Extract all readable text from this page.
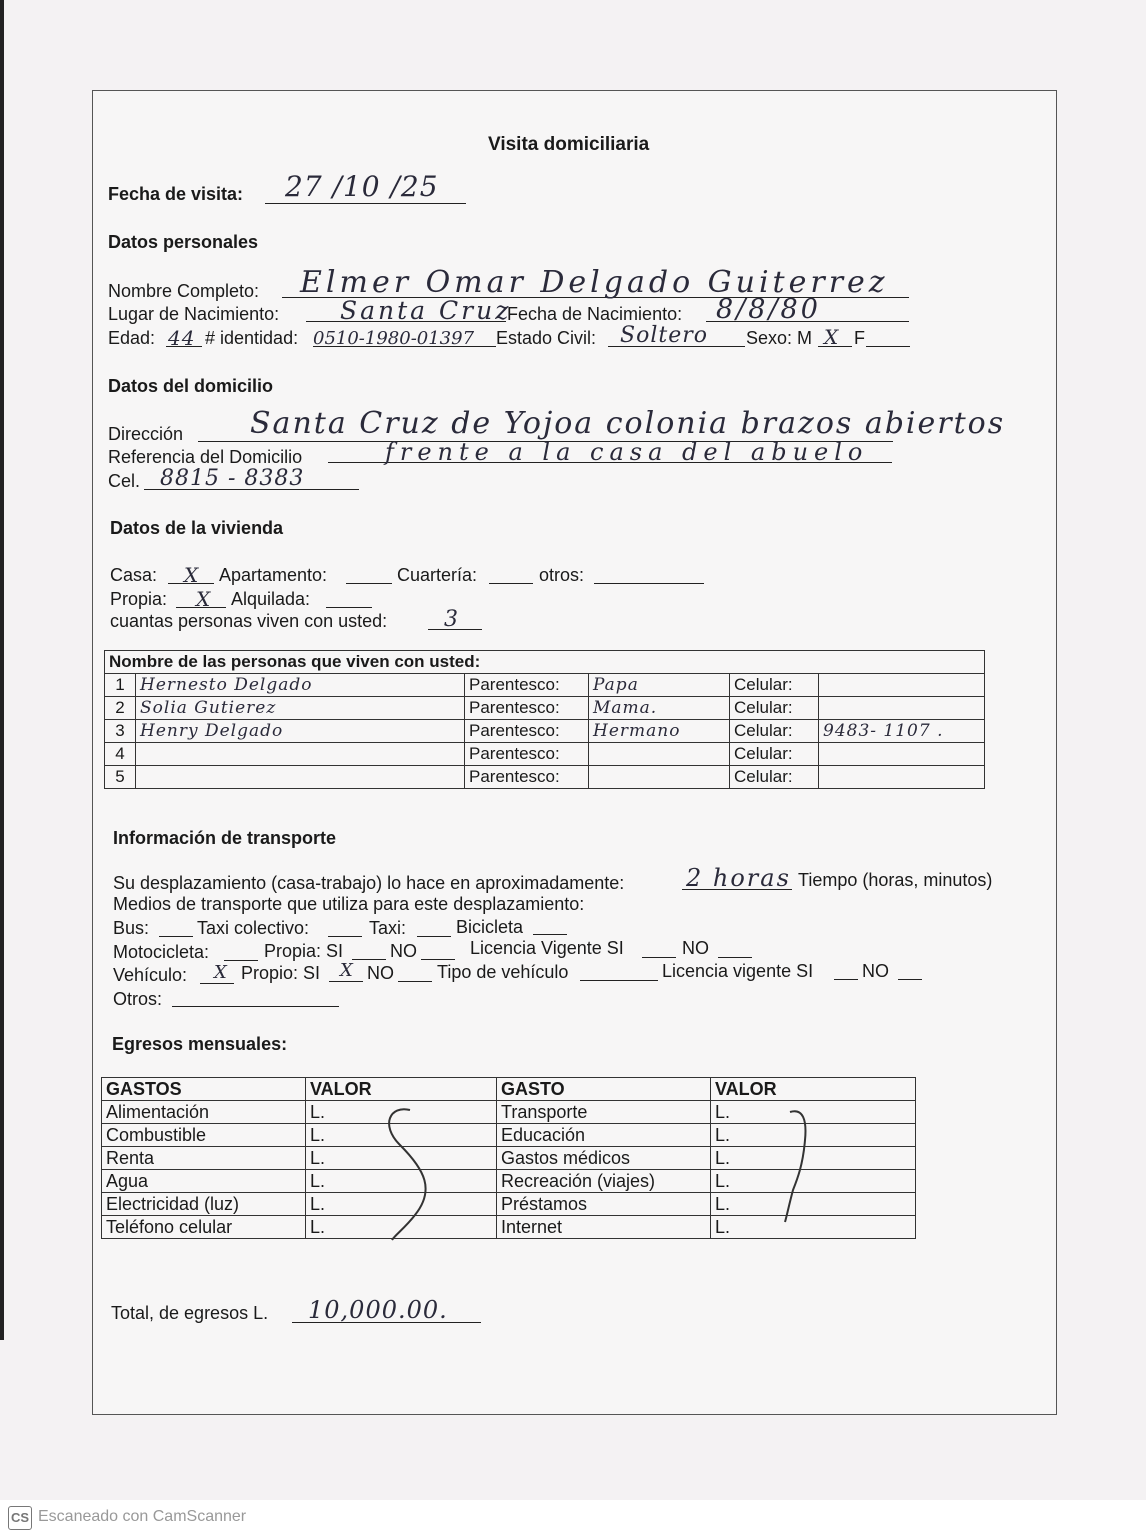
Visita domiciliaria
Fecha de visita: 27 /10 /25
Datos personales
Nombre Completo: Elmer Omar Delgado Guiterrez
Lugar de Nacimiento: Santa Cruz
Fecha de Nacimiento: 8/8/80
Edad: 44 # identidad: 0510-1980-01397 Estado Civil: Soltero Sexo: M X F
Datos del domicilio
Dirección Santa Cruz de Yojoa colonia brazos abiertos
Referencia del Domicilio	frente a la casa del abuelo
Cel. 8815 - 8383
Datos de la vivienda
Casa: X Apartamento:	Cuartería:	otros:
Propia: X Alquilada:
cuantas personas viven con usted:	3
Nombre de las personas que viven con usted:					
1	Hernesto Delgado	Parentesco:	Papa	Celular:	
2	Solia Gutierez	Parentesco:	Mama.	Celular:	
3	Henry Delgado	Parentesco:	Hermano	Celular:	9483- 1107 .
4		Parentesco:		Celular:	
5		Parentesco:		Celular:	
Información de transporte
Su desplazamiento (casa-trabajo) lo hace en aproximadamente:	2 horas Tiempo (horas, minutos)
Medios de transporte que utiliza para este desplazamiento:
Bus:	Taxi colectivo:	Taxi:	Bicicleta
Motocicleta:	Propia: SI	NO	Licencia Vigente SI	NO
Vehículo: X Propio: SI X NO Tipo de vehículo	Licencia vigente SI	NO
Otros:
Egresos mensuales:
GASTOS	VALOR	GASTO	VALOR
Alimentación	L.	Transporte	L.
Combustible	L.	Educación	L.
Renta	L.	Gastos médicos	L.
Agua	L.	Recreación (viajes)	L.
Electricidad (luz)	L.	Préstamos	L.
Teléfono celular	L.	Internet	L.
Total, de egresos L. 10,000.00.
CS Escaneado con CamScanner
